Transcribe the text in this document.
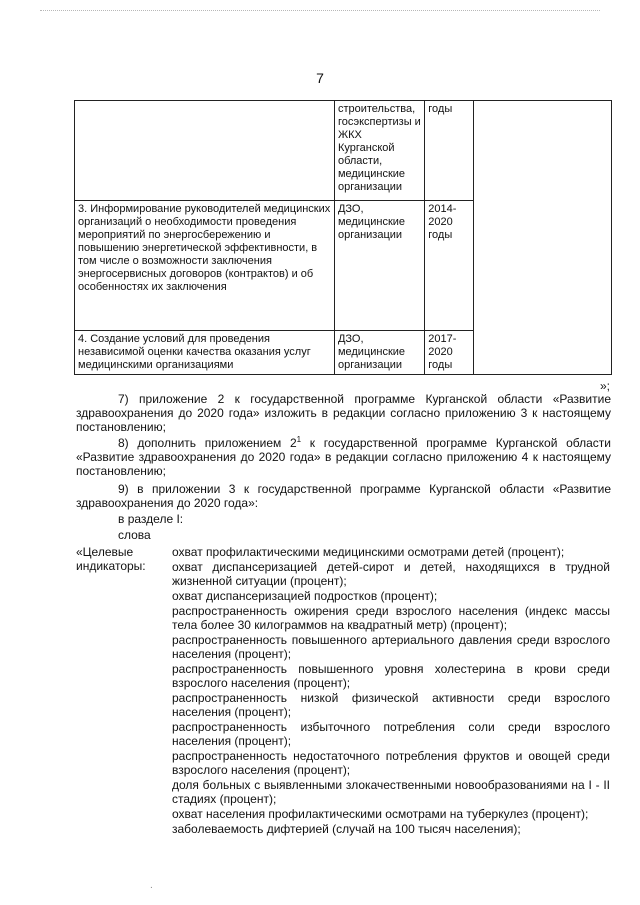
7
	строительства, госэкспертизы и ЖКХ Курганской области, медицинские организации	годы	
3. Информирование руководителей медицинских организаций о необходимости проведения мероприятий по энергосбережению и повышению энергетической эффективности, в том числе о возможности заключения энергосервисных договоров (контрактов) и об особенностях их заключения	ДЗО, медицинские организации	2014-2020 годы	
4. Создание условий для проведения независимой оценки качества оказания услуг медицинскими организациями	ДЗО, медицинские организации	2017-2020 годы	
»;
7) приложение 2 к государственной программе Курганской области «Развитие здравоохранения до 2020 года» изложить в редакции согласно приложению 3 к настоящему постановлению;
8) дополнить приложением $2^1$ к государственной программе Курганской области «Развитие здравоохранения до 2020 года» в редакции согласно приложению 4 к настоящему постановлению;
9) в приложении 3 к государственной программе Курганской области «Развитие здравоохранения до 2020 года»:
в разделе I:
слова
«Целевые индикаторы:
охват профилактическими медицинскими осмотрами детей (процент);
охват диспансеризацией детей-сирот и детей, находящихся в трудной жизненной ситуации (процент);
охват диспансеризацией подростков (процент);
распространенность ожирения среди взрослого населения (индекс массы тела более 30 килограммов на квадратный метр) (процент);
распространенность повышенного артериального давления среди взрослого населения (процент);
распространенность повышенного уровня холестерина в крови среди взрослого населения (процент);
распространенность низкой физической активности среди взрослого населения (процент);
распространенность избыточного потребления соли среди взрослого населения (процент);
распространенность недостаточного потребления фруктов и овощей среди взрослого населения (процент);
доля больных с выявленными злокачественными новообразованиями на I - II стадиях (процент);
охват населения профилактическими осмотрами на туберкулез (процент);
заболеваемость дифтерией (случай на 100 тысяч населения);
.
